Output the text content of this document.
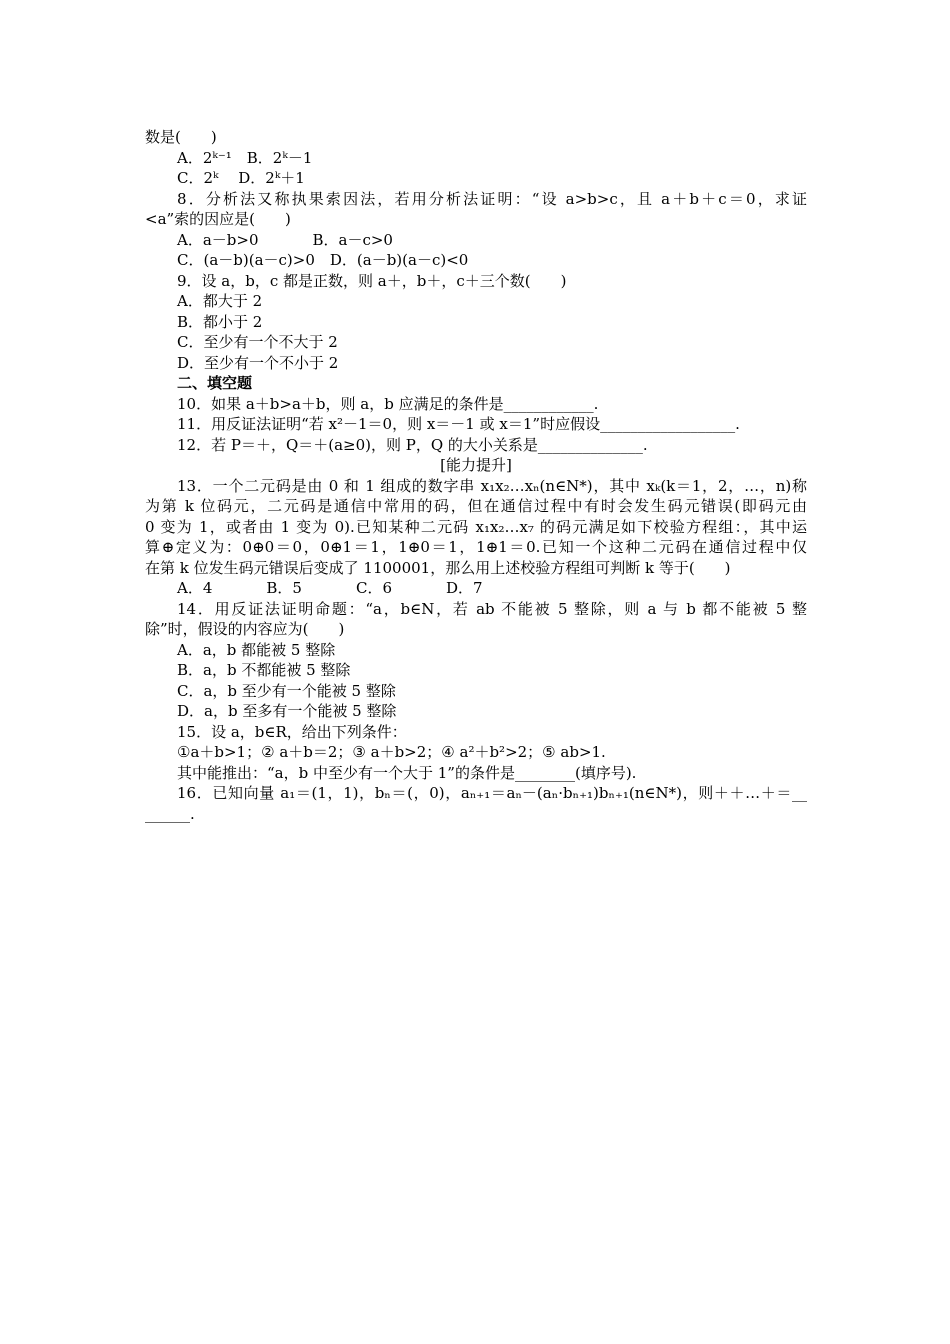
数是(　　)
A．2ᵏ⁻¹　B．2ᵏ－1
C．2ᵏ　 D．2ᵏ＋1
8．分析法又称执果索因法，若用分析法证明：“设 a>b>c，且 a＋b＋c＝0，求证
<a”索的因应是(　　)
A．a－b>0	B．a－c>0
C．(a－b)(a－c)>0　D．(a－b)(a－c)<0
9．设 a，b，c 都是正数，则 a＋，b＋，c＋三个数(　　)
A．都大于 2
B．都小于 2
C．至少有一个不大于 2
D．至少有一个不小于 2
二、填空题
10．如果 a＋b>a＋b，则 a，b 应满足的条件是____________.
11．用反证法证明“若 x²－1＝0，则 x＝－1 或 x＝1”时应假设__________________.
12．若 P＝＋，Q＝＋(a≥0)，则 P，Q 的大小关系是______________.
[能力提升]
13．一个二元码是由 0 和 1 组成的数字串 x₁x₂…xₙ(n∈N*)，其中 xₖ(k＝1，2，…，n)称
为第 k 位码元，二元码是通信中常用的码，但在通信过程中有时会发生码元错误(即码元由
0 变为 1，或者由 1 变为 0).已知某种二元码 x₁x₂…x₇ 的码元满足如下校验方程组：，其中运
算⊕定义为：0⊕0＝0，0⊕1＝1，1⊕0＝1，1⊕1＝0.已知一个这种二元码在通信过程中仅
在第 k 位发生码元错误后变成了 1100001，那么用上述校验方程组可判断 k 等于(　　)
A．4	B．5	C．6	D．7
14．用反证法证明命题：“a，b∈N，若 ab 不能被 5 整除，则 a 与 b 都不能被 5 整
除”时，假设的内容应为(　　)
A．a，b 都能被 5 整除
B．a，b 不都能被 5 整除
C．a，b 至少有一个能被 5 整除
D．a，b 至多有一个能被 5 整除
15．设 a，b∈R，给出下列条件：
①a＋b>1；② a＋b＝2；③ a＋b>2；④ a²＋b²>2；⑤ ab>1.
其中能推出：“a，b 中至少有一个大于 1”的条件是________(填序号).
16．已知向量 a₁＝(1，1)，bₙ＝(，0)，aₙ₊₁＝aₙ－(aₙ·bₙ₊₁)bₙ₊₁(n∈N*)，则＋＋…＋＝__
______.
